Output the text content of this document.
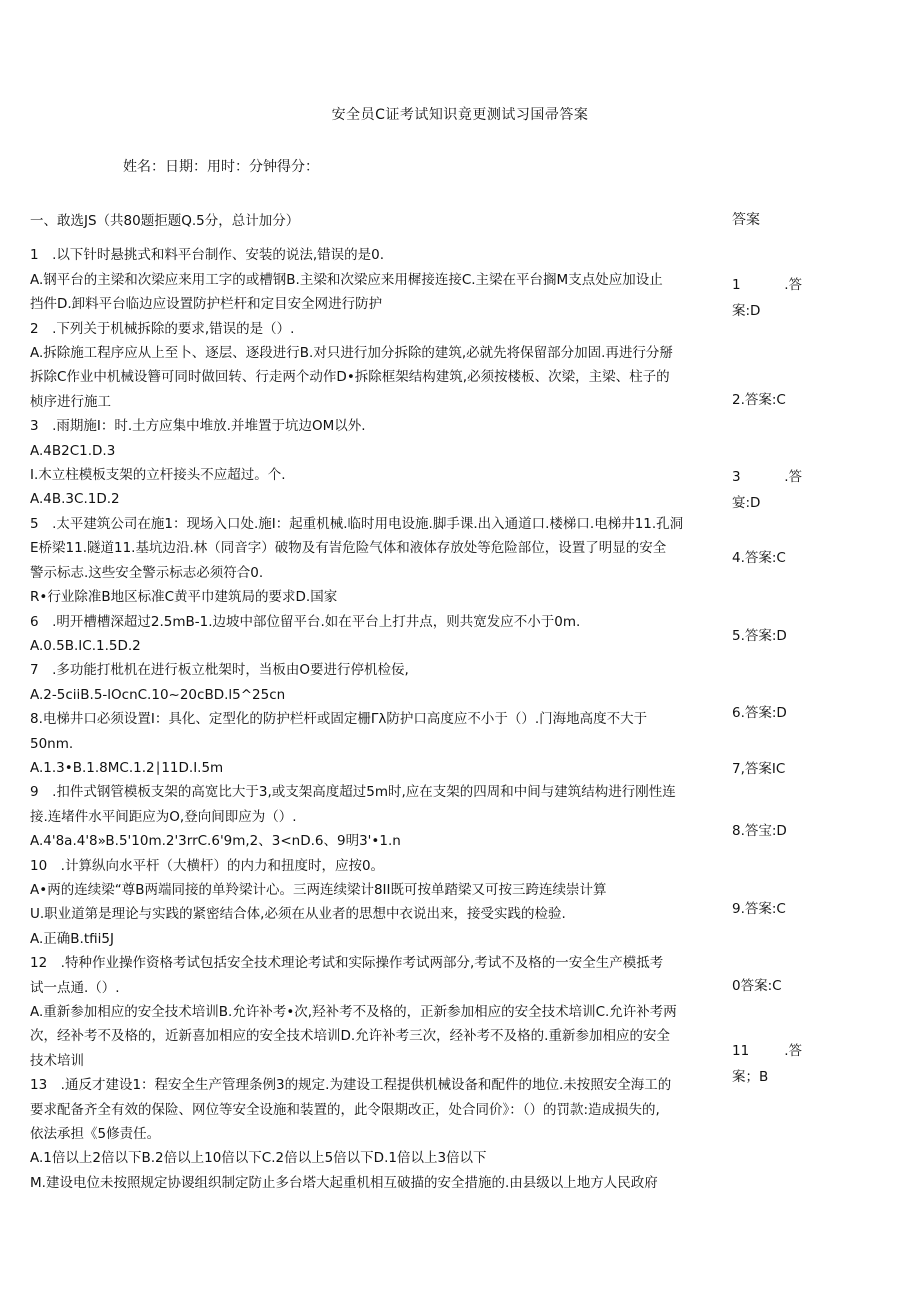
安全员C证考试知识竟更测试习国帚答案
姓名：日期：用时：分钟得分：
一、敢选JS（共80题拒题Q.5分，总计加分）
1　.以下针时悬挑式和料平台制作、安装的说法,错误的是0.
A.钢平台的主梁和次梁应来用工字的或槽钢B.主梁和次梁应来用樨接连接C.主梁在平台搁M支点处应加设止
挡件D.卸料平台临边应设置防护栏杆和定目安全网进行防护
2　.下列关于机械拆除的要求,错误的是（）.
A.拆除施工程序应从上至卜、逐层、逐段进行B.对只进行加分拆除的建筑,必就先将保留部分加固.再进行分掰
拆除C作业中机械设簪可同时做回转、行走两个动作D•拆除框架结构建筑,必须按楼板、次梁，主梁、柱子的
桢序进行施工
3　.雨期施I：时.土方应集中堆放.并堆置于坑边OM以外.
A.4B2C1.D.3
I.木立柱模板支架的立杆接头不应超过。个.
A.4B.3C.1D.2
5　.太平建筑公司在施1：现场入口处.施I：起重机械.临时用电设施.脚手课.出入通道口.楼梯口.电梯井11.孔洞
E桥梁11.隧道11.基坑边沿.林（同音字）破物及有峕危险气体和液体存放处等危险部位，设置了明显的安全
警示标志.这些安全警示标志必须符合0.
R•行业除准B地区标准C黄平巾建筑局的要求D.国家
6　.明开槽槽深超过2.5mB-1.边坡中部位留平台.如在平台上打井点，则共宽发应不小于0m.
A.0.5B.IC.1.5D.2
7　.多功能打枇机在进行板立枇架时，当板由O要进行停机检佞,
A.2-5ciiB.5-lOcnC.10~20cBD.l5^25cn
8.电梯井口必须设置I：具化、定型化的防护栏杆或固定栅Γλ防护口高度应不小于（）.门海地高度不大于
50nm.
A.1.3•B.1.8MC.1.2∣11D.I.5m
9　.扣件式钢管模板支架的高宽比大于3,或支架高度超过5m时,应在支架的四周和中间与建筑结构进行刚性连
接.连堵件水平间距应为O,登向间即应为（）.
A.4'8a.4'8»B.5'10m.2'3rrC.6'9m,2、3<nD.6、9明3'•1.n
10　.计算纵向水平杆（大横杆）的内力和扭度时，应按0。
A•两的连续梁“尊B两端同接的单羚梁计心。三两连续梁计8II既可按单踏梁又可按三跨连续崇计算
U.职业道第是理论与实践的紧密结合体,必须在从业者的思想中衣说出来，接受实践的检验.
A.正确B.tfii5J
12　.特种作业操作资格考试包括安全技术理论考试和实际操作考试两部分,考试不及格的一安全生产模抵考
试一点通.（）.
A.重新参加相应的安全技术培训B.允许补考•次,羟补考不及格的，正新参加相应的安全技术培训C.允许补考两
次，经补考不及格的，近新喜加相应的安全技术培训D.允许补考三次，经补考不及格的.重新参加相应的安全
技术培训
13　.通反才建设1：程安全生产管理条例3的规定.为建设工程提供机械设备和配件的地位.未按照安全海工的
要求配备齐全有效的保险、网位等安全设施和装置的，此令限期改正，处合同价》：（）的罚款:造成损失的,
依法承担《5修责任。
A.1倍以上2倍以下B.2倍以上10倍以下C.2倍以上5倍以下D.1倍以上3倍以下
M.建设电位未按照规定协谡组织制定防止多台塔大起重机相互破描的安全措施的.由县级以上地方人民政府
答案
1	.答
案:D
2.答案:C
3	.答
宴:D
4.答案:C
5.答案:D
6.答案:D
7,答案IC
8.答宝:D
9.答案:C
0答案:C
11	.答
案；B
